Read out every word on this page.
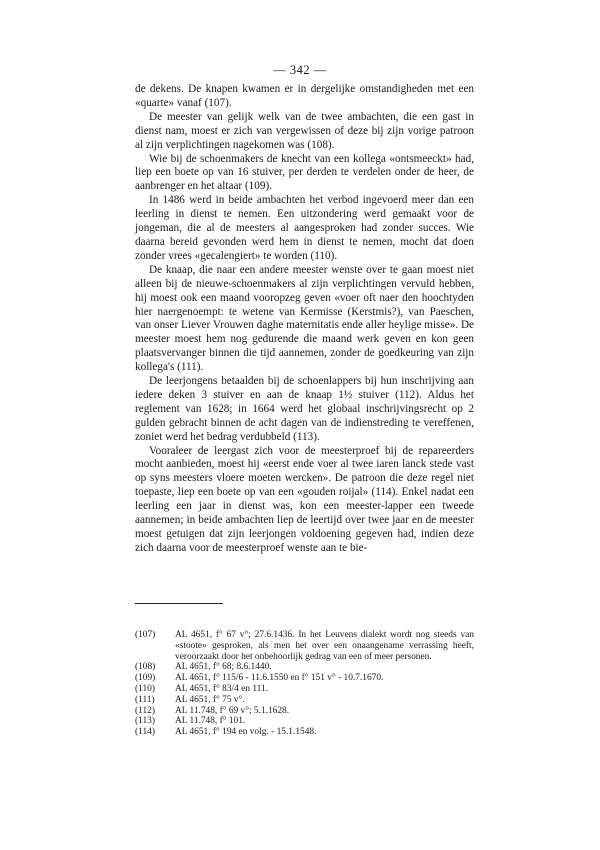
— 342 —

de dekens. De knapen kwamen er in dergelijke omstandigheden met een «quarte» vanaf (107).

De meester van gelijk welk van de twee ambachten, die een gast in dienst nam, moest er zich van vergewissen of deze bij zijn vorige patroon al zijn verplichtingen nagekomen was (108).

Wie bij de schoenmakers de knecht van een kollega «ontsmeeckt» had, liep een boete op van 16 stuiver, per derden te verdelen onder de heer, de aanbrenger en het altaar (109).

In 1486 werd in beide ambachten het verbod ingevoerd meer dan een leerling in dienst te nemen. Een uitzondering werd gemaakt voor de jongeman, die al de meesters al aangesproken had zonder succes. Wie daarna bereid gevonden werd hem in dienst te nemen, mocht dat doen zonder vrees «gecalengiert» te worden (110).

De knaap, die naar een andere meester wenste over te gaan moest niet alleen bij de nieuwe-schoenmakers al zijn verplichtingen vervuld hebben, hij moest ook een maand vooropzeg geven «voer oft naer den hoochtyden hier naergenoempt: te wetene van Kermisse (Kerstmis?), van Paeschen, van onser Liever Vrouwen daghe maternitatis ende aller heylige misse». De meester moest hem nog gedurende die maand werk geven en kon geen plaatsvervanger binnen die tijd aannemen, zonder de goedkeuring van zijn kollega's (111).

De leerjongens betaalden bij de schoenlappers bij hun inschrijving aan iedere deken 3 stuiver en aan de knaap 1½ stuiver (112). Aldus het reglement van 1628; in 1664 werd het globaal inschrijvingsrecht op 2 gulden gebracht binnen de acht dagen van de indienstreding te vereffenen, zoniet werd het bedrag verdubbeld (113).

Vooraleer de leergast zich voor de meesterproef bij de repareerders mocht aanbieden, moest hij «eerst ende voer al twee iaren lanck stede vast op syns meesters vloere moeten wercken». De patroon die deze regel niet toepaste, liep een boete op van een «gouden roijal» (114). Enkel nadat een leerling een jaar in dienst was, kon een meester-lapper een tweede aannemen; in beide ambachten liep de leertijd over twee jaar en de meester moest getuigen dat zijn leerjongen voldoening gegeven had, indien deze zich daarna voor de meesterproef wenste aan te bie-

(107)	AL 4651, f° 67 v°; 27.6.1436. In het Leuvens dialekt wordt nog steeds van «stoote» gesproken, als men het over een onaangename verrassing heeft, veroorzaakt door het onbehoorlijk gedrag van een of meer personen.
(108)	AL 4651, f° 68; 8.6.1440.
(109)	AL 4651, f° 115/6 - 11.6.1550 en f° 151 v° - 10.7.1670.
(110)	AL 4651, f° 83/4 en 111.
(111)	AL 4651, f° 75 v°.
(112)	AL 11.748, f° 69 v°; 5.1.1628.
(113)	AL 11.748, f° 101.
(114)	AL 4651, f° 194 en volg. - 15.1.1548.
